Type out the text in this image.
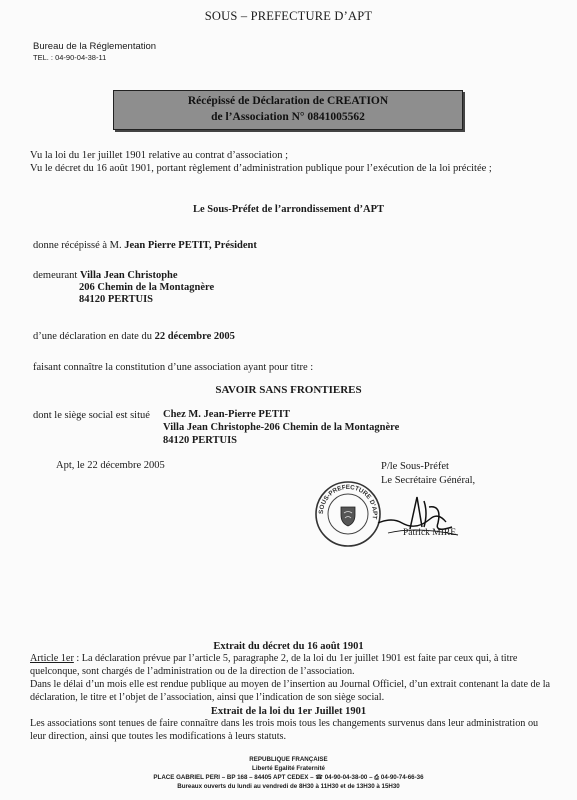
SOUS – PREFECTURE D’APT
Bureau de la Réglementation
TEL. : 04-90-04-38-11
Récépissé de Déclaration de CREATION
de l’Association N° 0841005562
Vu la loi du 1er juillet 1901 relative au contrat d’association ;
Vu le décret du 16 août 1901, portant règlement d’administration publique pour l’exécution de la loi précitée ;
Le Sous-Préfet de l’arrondissement d’APT
donne récépissé à M. Jean Pierre PETIT, Président
demeurant Villa Jean Christophe
206 Chemin de la Montagnère
84120 PERTUIS
d’une déclaration en date du 22 décembre 2005
faisant connaître la constitution d’une association ayant pour titre :
SAVOIR SANS FRONTIERES
dont le siège social est situé Chez M. Jean-Pierre PETIT
Villa Jean Christophe-206 Chemin de la Montagnère
84120 PERTUIS
Apt, le 22 décembre 2005	P/le Sous-Préfet
Le Secrétaire Général,
SOUS-PREFECTURE D'APT
Patrick MIRE
Extrait du décret du 16 août 1901
Article 1er : La déclaration prévue par l’article 5, paragraphe 2, de la loi du 1er juillet 1901 est faite par ceux qui, à titre quelconque, sont chargés de l’administration ou de la direction de l’association.
Dans le délai d’un mois elle est rendue publique au moyen de l’insertion au Journal Officiel, d’un extrait contenant la date de la déclaration, le titre et l’objet de l’association, ainsi que l’indication de son siège social.
Extrait de la loi du 1er Juillet 1901
Les associations sont tenues de faire connaître dans les trois mois tous les changements survenus dans leur administration ou leur direction, ainsi que toutes les modifications à leurs statuts.
REPUBLIQUE FRANÇAISE
Liberté Egalité Fraternité
PLACE GABRIEL PERI – BP 168 – 84405 APT CEDEX – ☎ 04-90-04-38-00 – ⎙ 04-90-74-66-36
Bureaux ouverts du lundi au vendredi de 8H30 à 11H30 et de 13H30 à 15H30
